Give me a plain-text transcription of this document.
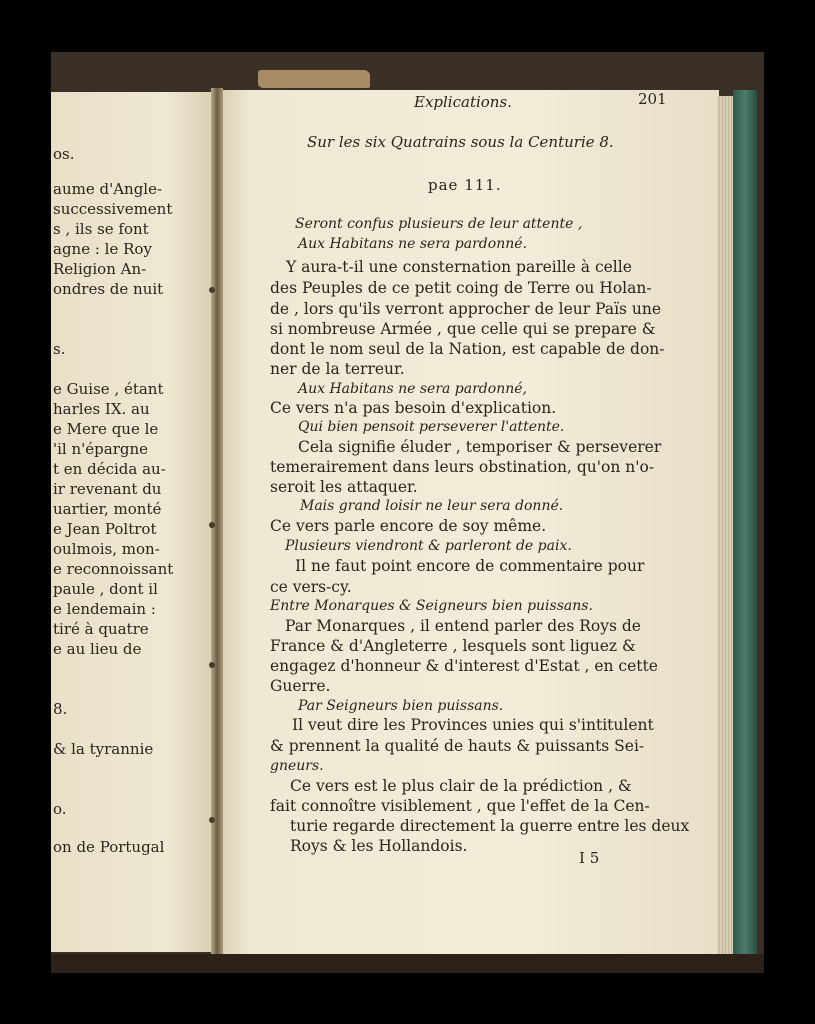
Explications.	201
Sur les six Quatrains sous la Centurie 8.
pae 111.
Seront confus plusieurs de leur attente ,
Aux Habitans ne sera pardonné.
Y aura-t-il une consternation pareille à celle
des Peuples de ce petit coing de Terre ou Holan-
de , lors qu'ils verront approcher de leur Païs une
si nombreuse Armée , que celle qui se prepare &
dont le nom seul de la Nation, est capable de don-
ner de la terreur.
Aux Habitans ne sera pardonné,
Ce vers n'a pas besoin d'explication.
Qui bien pensoit perseverer l'attente.
Cela signifie éluder , temporiser & perseverer
temerairement dans leurs obstination, qu'on n'o-
seroit les attaquer.
Mais grand loisir ne leur sera donné.
Ce vers parle encore de soy même.
Plusieurs viendront & parleront de paix.
Il ne faut point encore de commentaire pour
ce vers-cy.
Entre Monarques & Seigneurs bien puissans.
Par Monarques , il entend parler des Roys de
France & d'Angleterre , lesquels sont liguez &
engagez d'honneur & d'interest d'Estat , en cette
Guerre.
Par Seigneurs bien puissans.
Il veut dire les Provinces unies qui s'intitulent
& prennent la qualité de hauts & puissants Sei-
gneurs.
Ce vers est le plus clair de la prédiction , &
fait connoître visiblement , que l'effet de la Cen-
turie regarde directement la guerre entre les deux
Roys & les Hollandois.
I 5
os.
aume d'Angle-
successivement
s , ils se font
agne : le Roy
Religion An-
ondres de nuit
s.
e Guise , étant
harles IX. au
e Mere que le
'il n'épargne
t en décida au-
ir revenant du
uartier, monté
e Jean Poltrot
oulmois, mon-
e reconnoissant
paule , dont il
e lendemain :
tiré à quatre
e au lieu de
8.
& la tyrannie
o.
on de Portugal
